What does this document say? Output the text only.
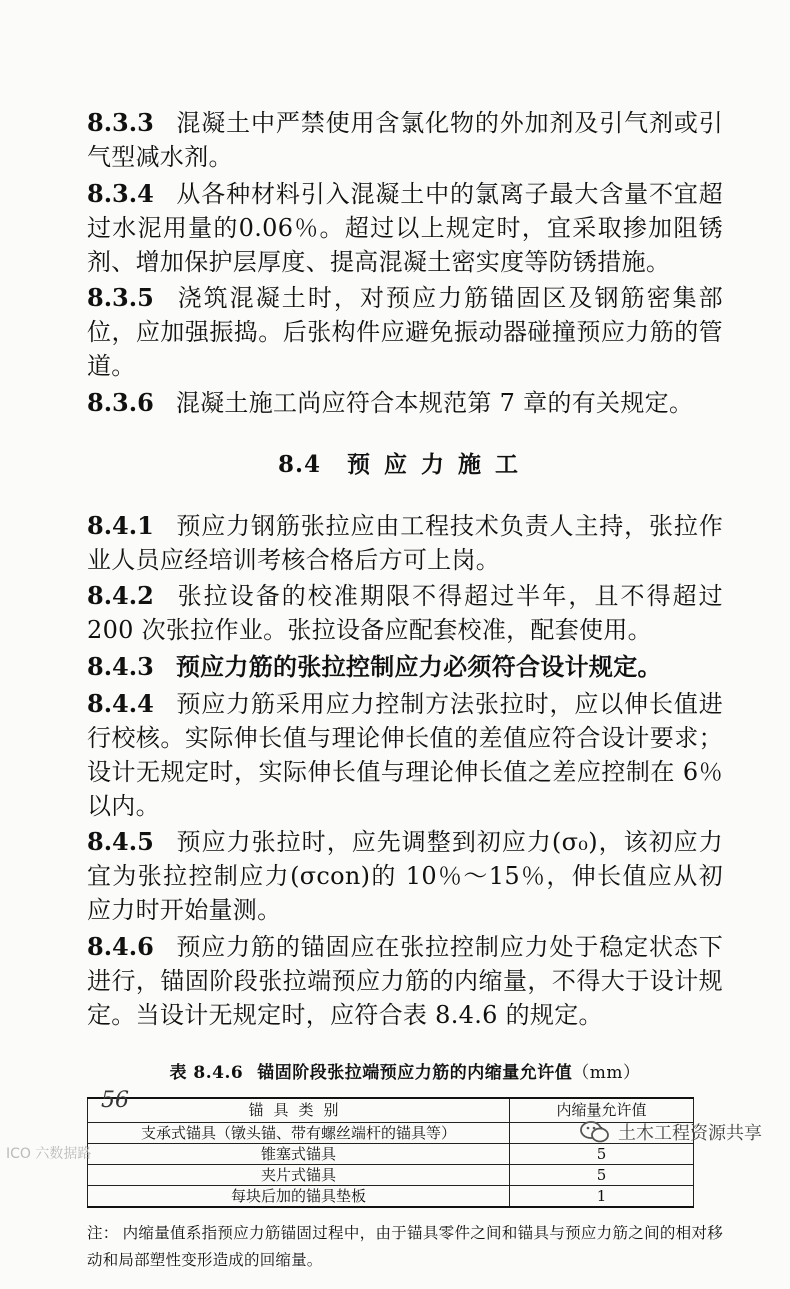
8.3.3 混凝土中严禁使用含氯化物的外加剂及引气剂或引气型减水剂。

8.3.4 从各种材料引入混凝土中的氯离子最大含量不宜超过水泥用量的0.06％。超过以上规定时，宜采取掺加阻锈剂、增加保护层厚度、提高混凝土密实度等防锈措施。

8.3.5 浇筑混凝土时，对预应力筋锚固区及钢筋密集部位，应加强振捣。后张构件应避免振动器碰撞预应力筋的管道。

8.3.6 混凝土施工尚应符合本规范第 7 章的有关规定。

8.4 预应力施工

8.4.1 预应力钢筋张拉应由工程技术负责人主持，张拉作业人员应经培训考核合格后方可上岗。

8.4.2 张拉设备的校准期限不得超过半年，且不得超过 200 次张拉作业。张拉设备应配套校准，配套使用。

8.4.3 预应力筋的张拉控制应力必须符合设计规定。

8.4.4 预应力筋采用应力控制方法张拉时，应以伸长值进行校核。实际伸长值与理论伸长值的差值应符合设计要求；设计无规定时，实际伸长值与理论伸长值之差应控制在 6％以内。

8.4.5 预应力张拉时，应先调整到初应力(σ₀)，该初应力宜为张拉控制应力(σcon)的 10％～15％，伸长值应从初应力时开始量测。

8.4.6 预应力筋的锚固应在张拉控制应力处于稳定状态下进行，锚固阶段张拉端预应力筋的内缩量，不得大于设计规定。当设计无规定时，应符合表 8.4.6 的规定。

表 8.4.6 锚固阶段张拉端预应力筋的内缩量允许值（mm）
锚具类别	内缩量允许值
支承式锚具（镦头锚、带有螺丝端杆的锚具等）	
锥塞式锚具	5
夹片式锚具	5
每块后加的锚具垫板	1

注： 内缩量值系指预应力筋锚固过程中，由于锚具零件之间和锚具与预应力筋之间的相对移动和局部塑性变形造成的回缩量。

56
ICO 六数据路
土木工程资源共享
